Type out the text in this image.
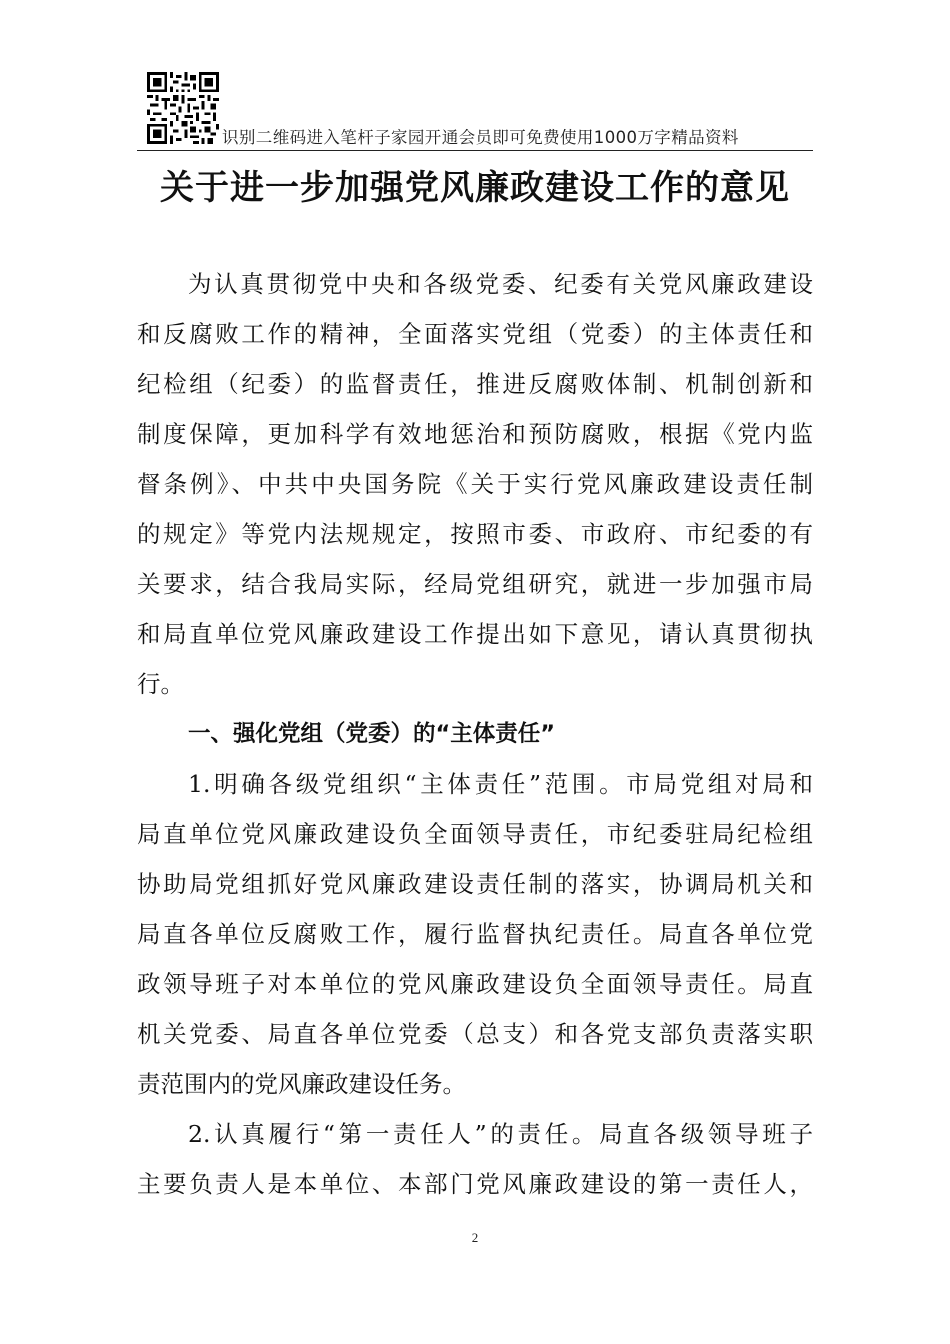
识别二维码进入笔杆子家园开通会员即可免费使用1000万字精品资料
关于进一步加强党风廉政建设工作的意见
为认真贯彻党中央和各级党委、纪委有关党风廉政建设
和反腐败工作的精神，全面落实党组（党委）的主体责任和
纪检组（纪委）的监督责任，推进反腐败体制、机制创新和
制度保障，更加科学有效地惩治和预防腐败，根据《党内监
督条例》、中共中央国务院《关于实行党风廉政建设责任制
的规定》等党内法规规定，按照市委、市政府、市纪委的有
关要求，结合我局实际，经局党组研究，就进一步加强市局
和局直单位党风廉政建设工作提出如下意见，请认真贯彻执
行。
一、强化党组（党委）的“主体责任”
1.明确各级党组织“主体责任”范围。市局党组对局和
局直单位党风廉政建设负全面领导责任，市纪委驻局纪检组
协助局党组抓好党风廉政建设责任制的落实，协调局机关和
局直各单位反腐败工作，履行监督执纪责任。局直各单位党
政领导班子对本单位的党风廉政建设负全面领导责任。局直
机关党委、局直各单位党委（总支）和各党支部负责落实职
责范围内的党风廉政建设任务。
2.认真履行“第一责任人”的责任。局直各级领导班子
主要负责人是本单位、本部门党风廉政建设的第一责任人，
2
